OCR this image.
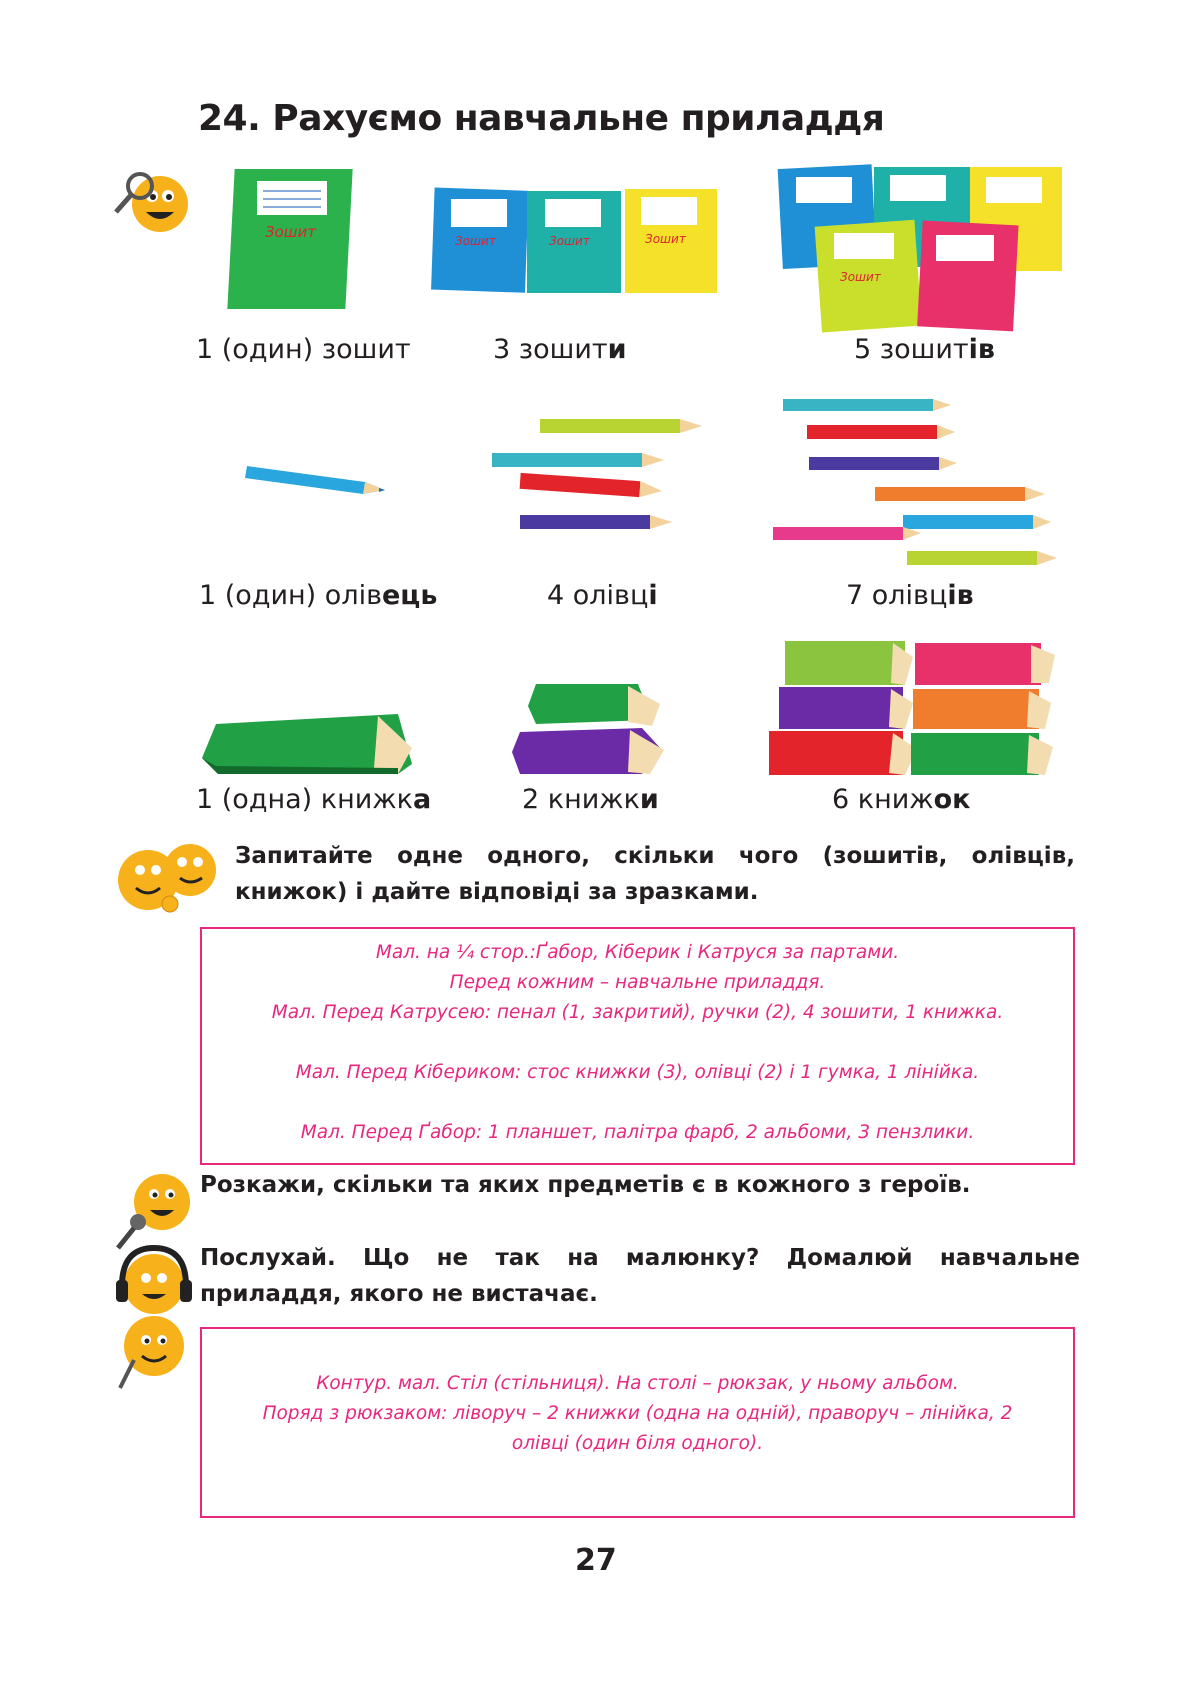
24. Рахуємо навчальне приладдя
Зошит	Зошит	Зошит	Зошит
Зошит
1 (один) зошит	3 зошити	5 зошитів
1 (один) олівець	4 олівці	7 олівців
1 (одна) книжка	2 книжки	6 книжок
Запитайте одне одного, скільки чого (зошитів, олівців, книжок) і дайте відповіді за зразками.

Мал. на ¼ стор.:Ґабор, Кіберик і Катруся за партами.

Перед кожним – навчальне приладдя.

Мал. Перед Катрусею: пенал (1, закритий), ручки (2), 4 зошити, 1 книжка.

Мал. Перед Кібериком: стос книжки (3), олівці (2) і 1 гумка, 1 лінійка.

Мал. Перед Ґабор: 1 планшет, палітра фарб, 2 альбоми, 3 пензлики.

Розкажи, скільки та яких предметів є в кожного з героїв.
Послухай. Що не так на малюнку? Домалюй навчальне приладдя, якого не вистачає.

Контур. мал. Стіл (стільниця). На столі – рюкзак, у ньому альбом.

Поряд з рюкзаком: ліворуч – 2 книжки (одна на одній), праворуч – лінійка, 2

олівці (один біля одного).

27
